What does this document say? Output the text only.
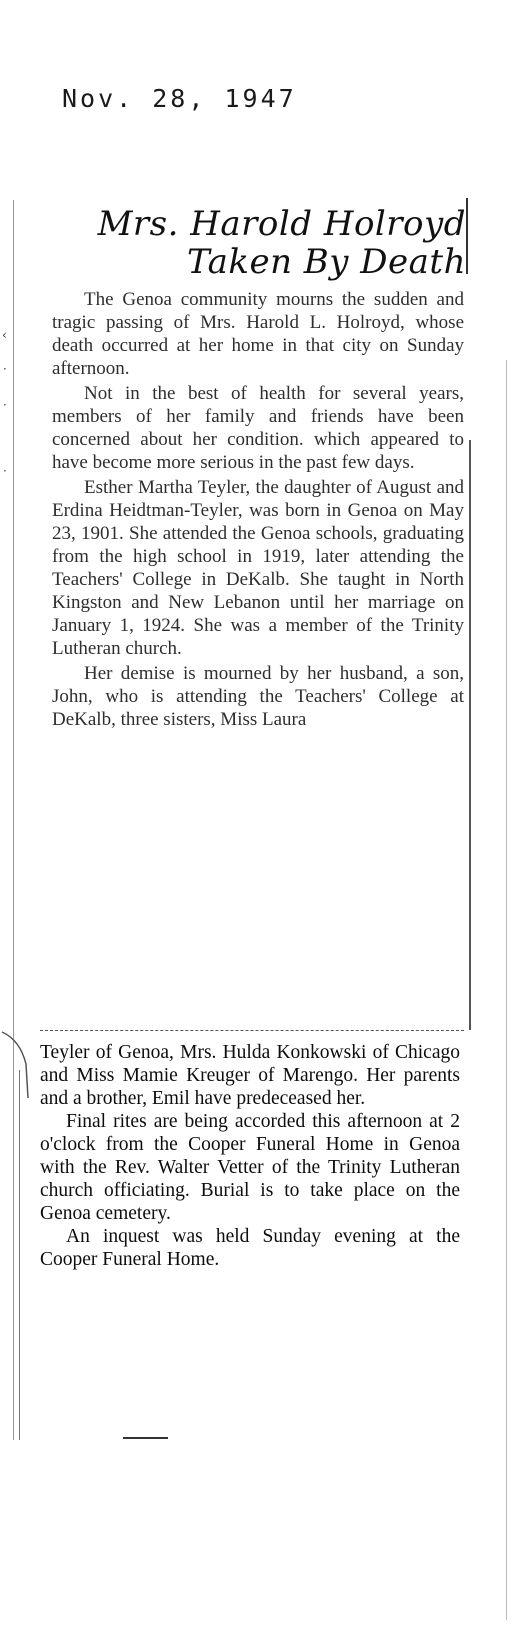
Nov. 28, 1947
‹
·
·
·
Mrs. Harold Holroyd
Taken By Death

The Genoa community mourns the sudden and tragic passing of Mrs. Harold L. Holroyd, whose death occurred at her home in that city on Sunday afternoon.

Not in the best of health for several years, members of her family and friends have been concerned about her condition. which appeared to have become more serious in the past few days.

Esther Martha Teyler, the daughter of August and Erdina Heidtman-Teyler, was born in Genoa on May 23, 1901. She attended the Genoa schools, graduating from the high school in 1919, later attending the Teachers' College in DeKalb. She taught in North Kingston and New Lebanon until her marriage on January 1, 1924. She was a member of the Trinity Lutheran church.

Her demise is mourned by her husband, a son, John, who is attending the Teachers' College at DeKalb, three sisters, Miss Laura

Teyler of Genoa, Mrs. Hulda Konkowski of Chicago and Miss Mamie Kreuger of Marengo. Her parents and a brother, Emil have predeceased her.

Final rites are being accorded this afternoon at 2 o'clock from the Cooper Funeral Home in Genoa with the Rev. Walter Vetter of the Trinity Lutheran church officiating. Burial is to take place on the Genoa cemetery.

An inquest was held Sunday evening at the Cooper Funeral Home.
